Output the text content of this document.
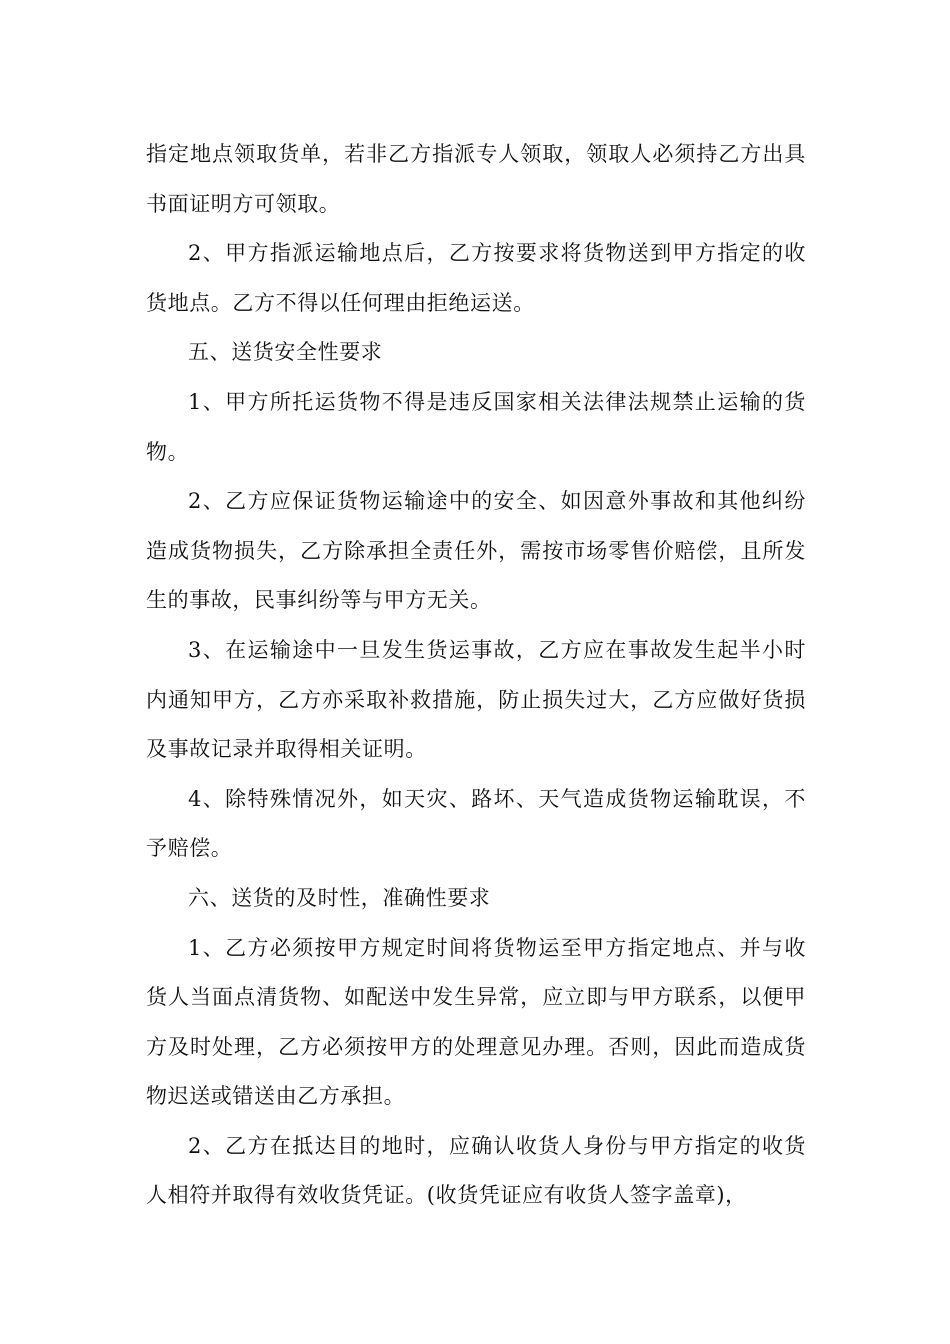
指定地点领取货单，若非乙方指派专人领取，领取人必须持乙方出具书面证明方可领取。

2、甲方指派运输地点后，乙方按要求将货物送到甲方指定的收货地点。乙方不得以任何理由拒绝运送。

五、送货安全性要求

1、甲方所托运货物不得是违反国家相关法律法规禁止运输的货物。

2、乙方应保证货物运输途中的安全、如因意外事故和其他纠纷造成货物损失，乙方除承担全责任外，需按市场零售价赔偿，且所发生的事故，民事纠纷等与甲方无关。

3、在运输途中一旦发生货运事故，乙方应在事故发生起半小时内通知甲方，乙方亦采取补救措施，防止损失过大，乙方应做好货损及事故记录并取得相关证明。

4、除特殊情况外，如天灾、路坏、天气造成货物运输耽误，不予赔偿。

六、送货的及时性，准确性要求

1、乙方必须按甲方规定时间将货物运至甲方指定地点、并与收货人当面点清货物、如配送中发生异常，应立即与甲方联系，以便甲方及时处理，乙方必须按甲方的处理意见办理。否则，因此而造成货物迟送或错送由乙方承担。

2、乙方在抵达目的地时，应确认收货人身份与甲方指定的收货人相符并取得有效收货凭证。(收货凭证应有收货人签字盖章)，
